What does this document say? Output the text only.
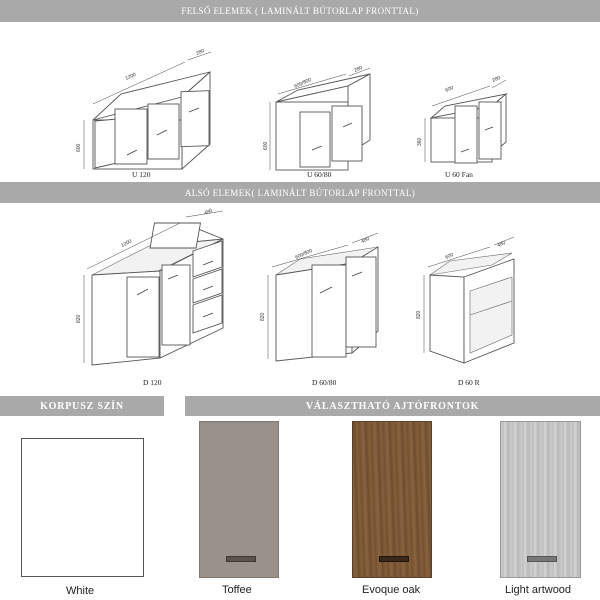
FELSŐ ELEMEK ( LAMINÁLT BÚTORLAP FRONTTAL)
ALSÓ ELEMEK( LAMINÁLT BÚTORLAP FRONTTAL)
KORPUSZ SZÍN	VÁLASZTHATÓ AJTÓFRONTOK
1200
280
600
600/800
280
600
600
280
360
U 120	U 60/80	U 60 Fan
1200
480
820
600/800
480
820
600
480
820
D 120	D 60/80	D 60 R
White	Toffee	Evoque oak	Light artwood
